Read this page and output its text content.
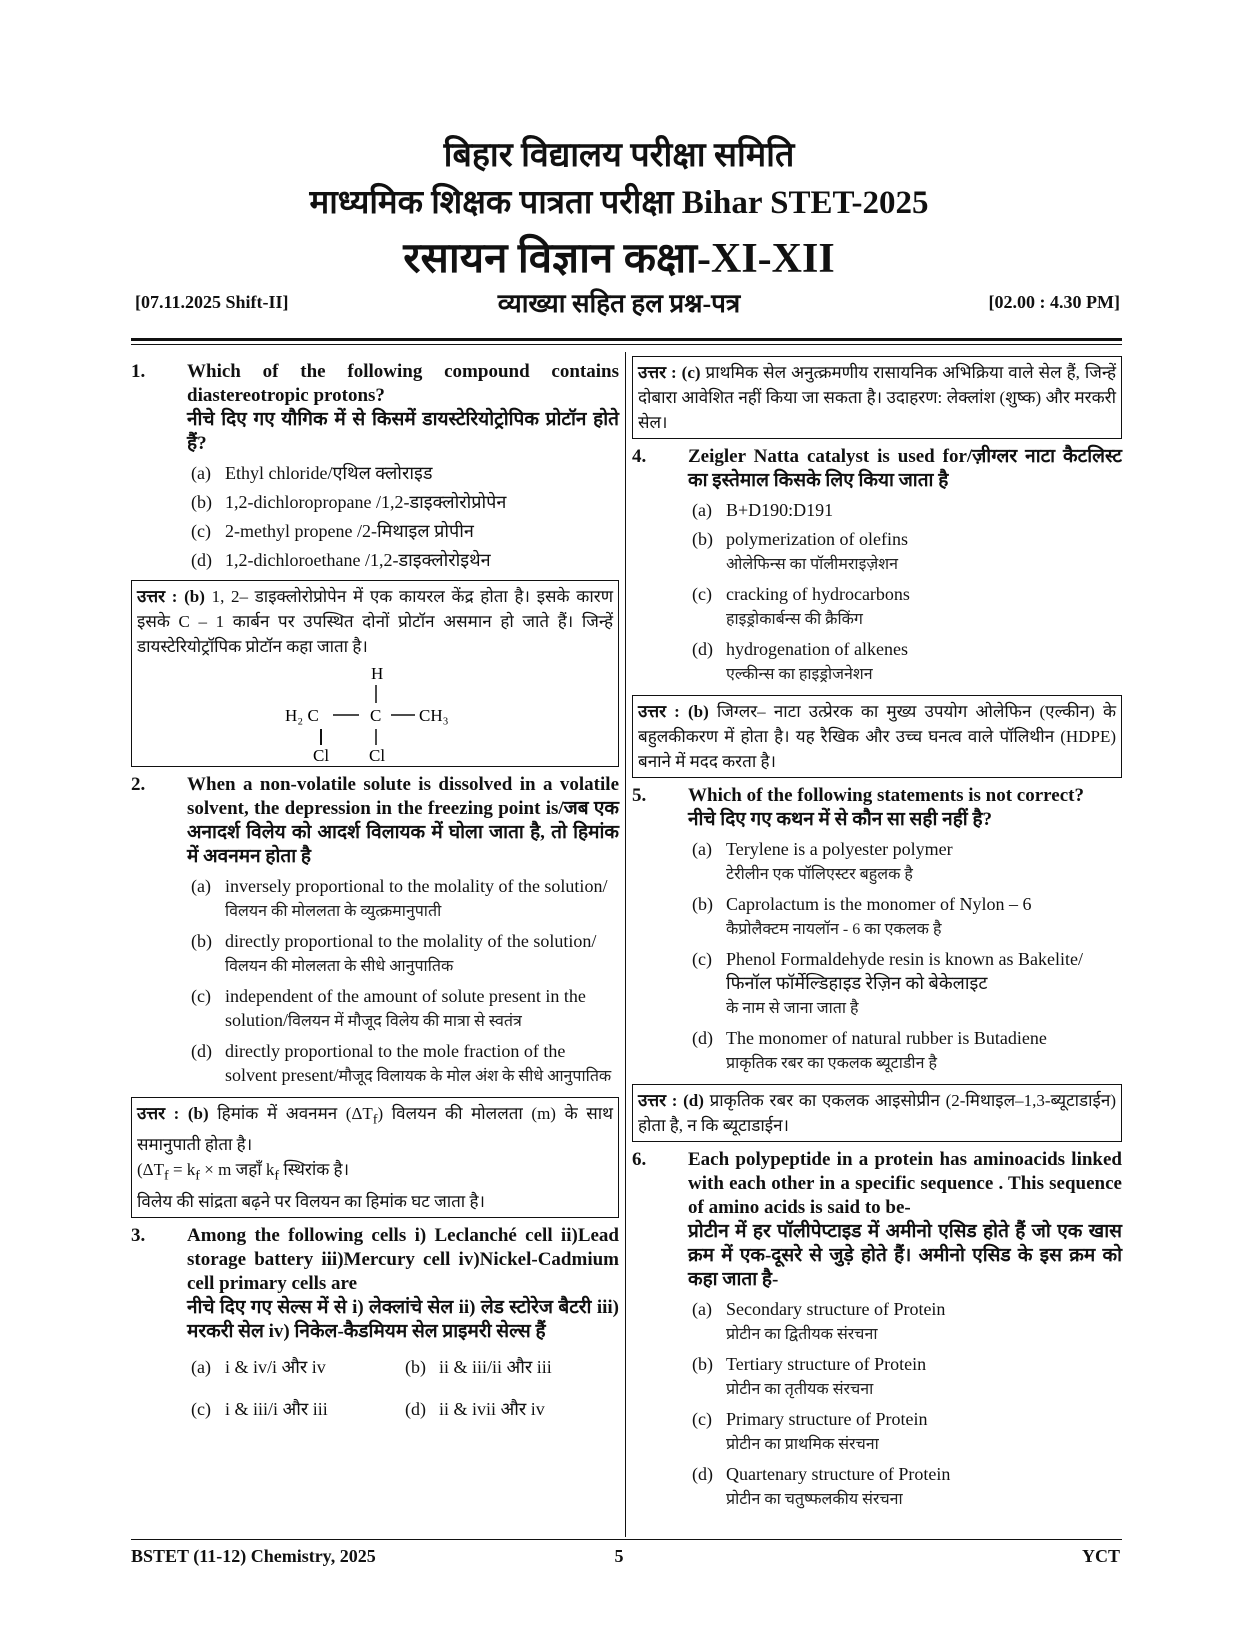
बिहार विद्यालय परीक्षा समिति
माध्यमिक शिक्षक पात्रता परीक्षा Bihar STET-2025
रसायन विज्ञान कक्षा-XI-XII
[07.11.2025 Shift-II]	व्याख्या सहित हल प्रश्न-पत्र	[02.00 : 4.30 PM]
1.	Which of the following compound contains diastereotropic protons?

नीचे दिए गए यौगिक में से किसमें डायस्टेरियोट्रोपिक प्रोटॉन होते हैं?

(a) Ethyl chloride/एथिल क्लोराइड
(b) 1,2-dichloropropane /1,2-डाइक्लोरोप्रोपेन
(c) 2-methyl propene /2-मिथाइल प्रोपीन
(d) 1,2-dichloroethane /1,2-डाइक्लोरोइथेन
उत्तर : (b) 1, 2– डाइक्लोरोप्रोपेन में एक कायरल केंद्र होता है। इसके कारण इसके C – 1 कार्बन पर उपस्थित दोनों प्रोटॉन असमान हो जाते हैं। जिन्हें डायस्टेरियोट्रॉपिक प्रोटॉन कहा जाता है।
H
H₂ C	C CH₃
Cl Cl
2.	When a non-volatile solute is dissolved in a volatile solvent, the depression in the freezing point is/जब एक अनादर्श विलेय को आदर्श विलायक में घोला जाता है, तो हिमांक में अवनमन होता है

(a) inversely proportional to the molality of the solution/विलयन की मोललता के व्युत्क्रमानुपाती
(b) directly proportional to the molality of the solution/ विलयन की मोललता के सीधे आनुपातिक
(c) independent of the amount of solute present in the solution/विलयन में मौजूद विलेय की मात्रा से स्वतंत्र
(d) directly proportional to the mole fraction of the solvent present/मौजूद विलायक के मोल अंश के सीधे आनुपातिक
उत्तर : (b) हिमांक में अवनमन $(\Delta T_f)$ विलयन की मोललता (m) के साथ समानुपाती होता है।
($\Delta T_f = k_f \times m$ जहाँ $k_f$ स्थिरांक है।
विलेय की सांद्रता बढ़ने पर विलयन का हिमांक घट जाता है।
3.	Among the following cells i) Leclanché cell ii)Lead storage battery iii)Mercury cell iv)Nickel-Cadmium cell primary cells are

नीचे दिए गए सेल्स में से i) लेक्लांचे सेल ii) लेड स्टोरेज बैटरी iii) मरकरी सेल iv) निकेल-कैडमियम सेल प्राइमरी सेल्स हैं

(a) i & iv/i और iv	(b) ii & iii/ii और iii
(c) i & iii/i और iii	(d) ii & ivii और iv
उत्तर : (c) प्राथमिक सेल अनुत्क्रमणीय रासायनिक अभिक्रिया वाले सेल हैं, जिन्हें दोबारा आवेशित नहीं किया जा सकता है। उदाहरण: लेक्लांश (शुष्क) और मरकरी सेल।
4.	Zeigler Natta catalyst is used for/ज़ीग्लर नाटा कैटलिस्ट का इस्तेमाल किसके लिए किया जाता है

(a) B+D190:D191
(b) polymerization of olefins
ओलेफिन्स का पॉलीमराइज़ेशन
(c) cracking of hydrocarbons
हाइड्रोकार्बन्स की क्रैकिंग
(d) hydrogenation of alkenes
एल्कीन्स का हाइड्रोजनेशन
उत्तर : (b) जिग्लर– नाटा उत्प्रेरक का मुख्य उपयोग ओलेफिन (एल्कीन) के बहुलकीकरण में होता है। यह रैखिक और उच्च घनत्व वाले पॉलिथीन (HDPE) बनाने में मदद करता है।
5.	Which of the following statements is not correct?

नीचे दिए गए कथन में से कौन सा सही नहीं है?

(a) Terylene is a polyester polymer
टेरीलीन एक पॉलिएस्टर बहुलक है
(b) Caprolactum is the monomer of Nylon – 6
कैप्रोलैक्टम नायलॉन - 6 का एकलक है
(c) Phenol Formaldehyde resin is known as Bakelite/फिनॉल फॉर्मेल्डिहाइड रेज़िन को बेकेलाइट
के नाम से जाना जाता है
(d) The monomer of natural rubber is Butadiene
प्राकृतिक रबर का एकलक ब्यूटाडीन है
उत्तर : (d) प्राकृतिक रबर का एकलक आइसोप्रीन (2-मिथाइल–1,3-ब्यूटाडाईन) होता है, न कि ब्यूटाडाईन।
6.	Each polypeptide in a protein has aminoacids linked with each other in a specific sequence . This sequence of amino acids is said to be-

प्रोटीन में हर पॉलीपेप्टाइड में अमीनो एसिड होते हैं जो एक खास क्रम में एक-दूसरे से जुड़े होते हैं। अमीनो एसिड के इस क्रम को कहा जाता है-

(a) Secondary structure of Protein
प्रोटीन का द्वितीयक संरचना
(b) Tertiary structure of Protein
प्रोटीन का तृतीयक संरचना
(c) Primary structure of Protein
प्रोटीन का प्राथमिक संरचना
(d) Quartenary structure of Protein
प्रोटीन का चतुष्फलकीय संरचना
BSTET (11-12) Chemistry, 2025	5	YCT
